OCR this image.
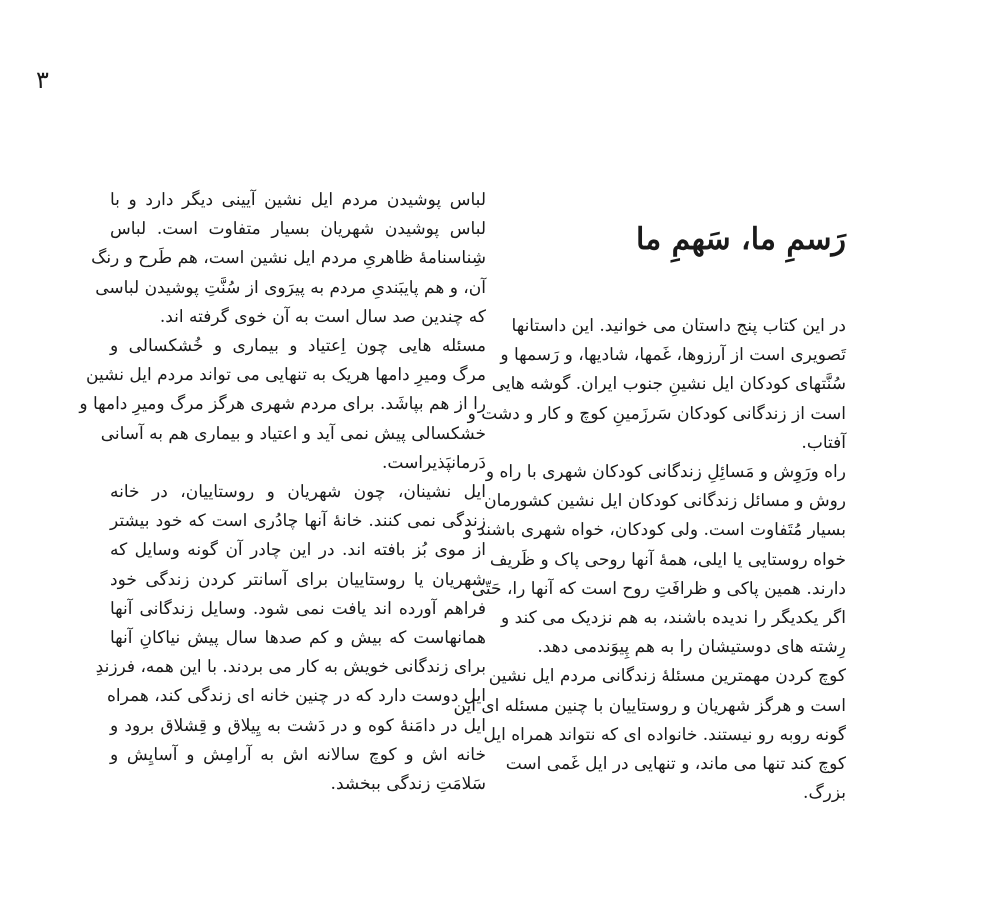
۳
رَسمِ ما، سَهمِ ما
لباس پوشیدن مردم ایل نشین آیینی دیگر دارد و با
لباس پوشیدن شهریان بسیار متفاوت است. لباس
شِناسنامهٔ ظاهریِ مردم ایل نشین است، هم طَرح و رنگ
آن، و هم پایبَندیِ مردم به پیرَوی از سُنَّتِ پوشیدن لباسی
که چندین صد سال است به آن خوی گرفته اند.
مسئله هایی چون اِعتیاد و بیماری و خُشکسالی و
مرگ ومیرِ دامها هریک به تنهایی می تواند مردم ایل نشین
را از هم بپاشَد. برای مردم شهری هرگز مرگ ومیرِ دامها و
خشکسالی پیش نمی آید و اعتیاد و بیماری هم به آسانی
دَرمانپَذیراست.
ایل نشینان، چون شهریان و روستاییان، در خانه
زندگی نمی کنند. خانهٔ آنها چادُری است که خود بیشتر
از موی بُز بافته اند. در این چادر آن گونه وسایل که
شهریان یا روستاییان برای آسانتر کردن زندگی خود
فراهم آورده اند یافت نمی شود. وسایل زندگانی آنها
همانهاست که بیش و کم صدها سال پیش نیاکانِ آنها
برای زندگانی خویش به کار می بردند. با این همه، فرزندِ
ایل دوست دارد که در چنین خانه ای زندگی کند، همراه
ایل در دامَنهٔ کوه و در دَشت به یِیلاق و قِشلاق برود و
خانه اش و کوچ سالانه اش به آرامِش و آسایِش و
سَلامَتِ زندگی ببخشد.
در این کتاب پنج داستان می خوانید. این داستانها
تَصویری است از آرزوها، غَمها، شادیها، و رَسمها و
سُنَّتهای کودکان ایل نشینِ جنوب ایران. گوشه هایی
است از زندگانی کودکان سَرزَمینِ کوچ و کار و دشت و
آفتاب.
راه ورَوِش و مَسائِلِ زندگانی کودکان شهری با راه و
روش و مسائل زندگانی کودکان ایل نشین کشورمان
بسیار مُتَفاوت است. ولی کودکان، خواه شهری باشند و
خواه روستایی یا ایلی، همهٔ آنها روحی پاک و ظَریف
دارند. همین پاکی و ظرافَتِ روح است که آنها را، حَتّی
اگر یکدیگر را ندیده باشند، به هم نزدیک می کند و
رِشته های دوستیشان را به هم پِیوَندمی دهد.
کوچ کردن مهمترین مسئلهٔ زندگانی مردم ایل نشین
است و هرگز شهریان و روستاییان با چنین مسئله ای این
گونه روبه رو نیستند. خانواده ای که نتواند همراه ایل
کوچ کند تنها می ماند، و تنهایی در ایل غَمی است
بزرگ.
